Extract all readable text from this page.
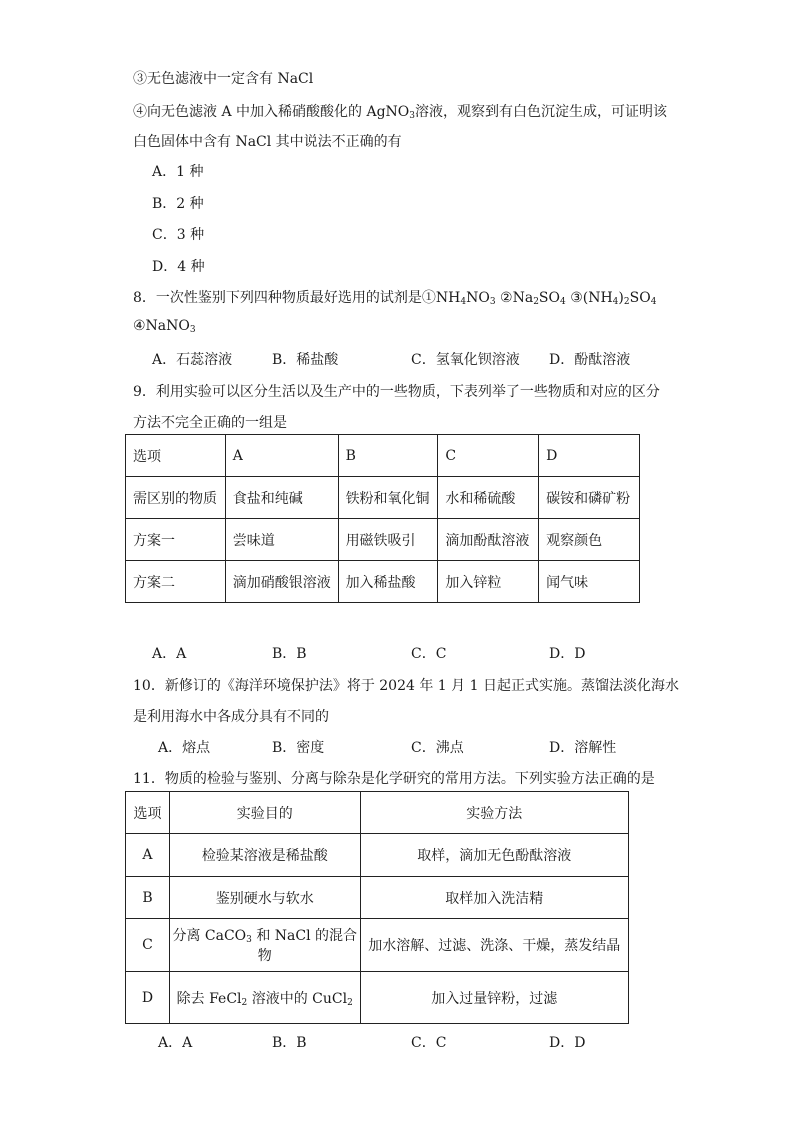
③无色滤液中一定含有 NaCl
④向无色滤液 A 中加入稀硝酸酸化的 AgNO$_3$溶液，观察到有白色沉淀生成，可证明该
白色固体中含有 NaCl 其中说法不正确的有
A．1 种
B．2 种
C．3 种
D．4 种
8．一次性鉴别下列四种物质最好选用的试剂是$①NH_4NO_3$ $②Na_2SO_4$ $③(NH_4)_2SO_4$
④NaNO$_3$
A．石蕊溶液	B．稀盐酸	C．氢氧化钡溶液 D．酚酞溶液
9．利用实验可以区分生活以及生产中的一些物质，下表列举了一些物质和对应的区分
方法不完全正确的一组是
选项	A	B	C	D
需区别的物质	食盐和纯碱	铁粉和氧化铜	水和稀硫酸	碳铵和磷矿粉
方案一	尝味道	用磁铁吸引	滴加酚酞溶液	观察颜色
方案二	滴加硝酸银溶液	加入稀盐酸	加入锌粒	闻气味
A．A	B．B	C．C	D．D
10．新修订的《海洋环境保护法》将于 2024 年 1 月 1 日起正式实施。蒸馏法淡化海水
是利用海水中各成分具有不同的
A．熔点	B．密度	C．沸点	D．溶解性
11．物质的检验与鉴别、分离与除杂是化学研究的常用方法。下列实验方法正确的是
选项	实验目的	实验方法
A	检验某溶液是稀盐酸	取样，滴加无色酚酞溶液
B	鉴别硬水与软水	取样加入洗洁精
C	分离 CaCO$_3$ 和 NaCl 的混合物	加水溶解、过滤、洗涤、干燥，蒸发结晶
D	除去 FeCl$_2$ 溶液中的 CuCl$_2$	加入过量锌粉，过滤
A．A	B．B	C．C	D．D
